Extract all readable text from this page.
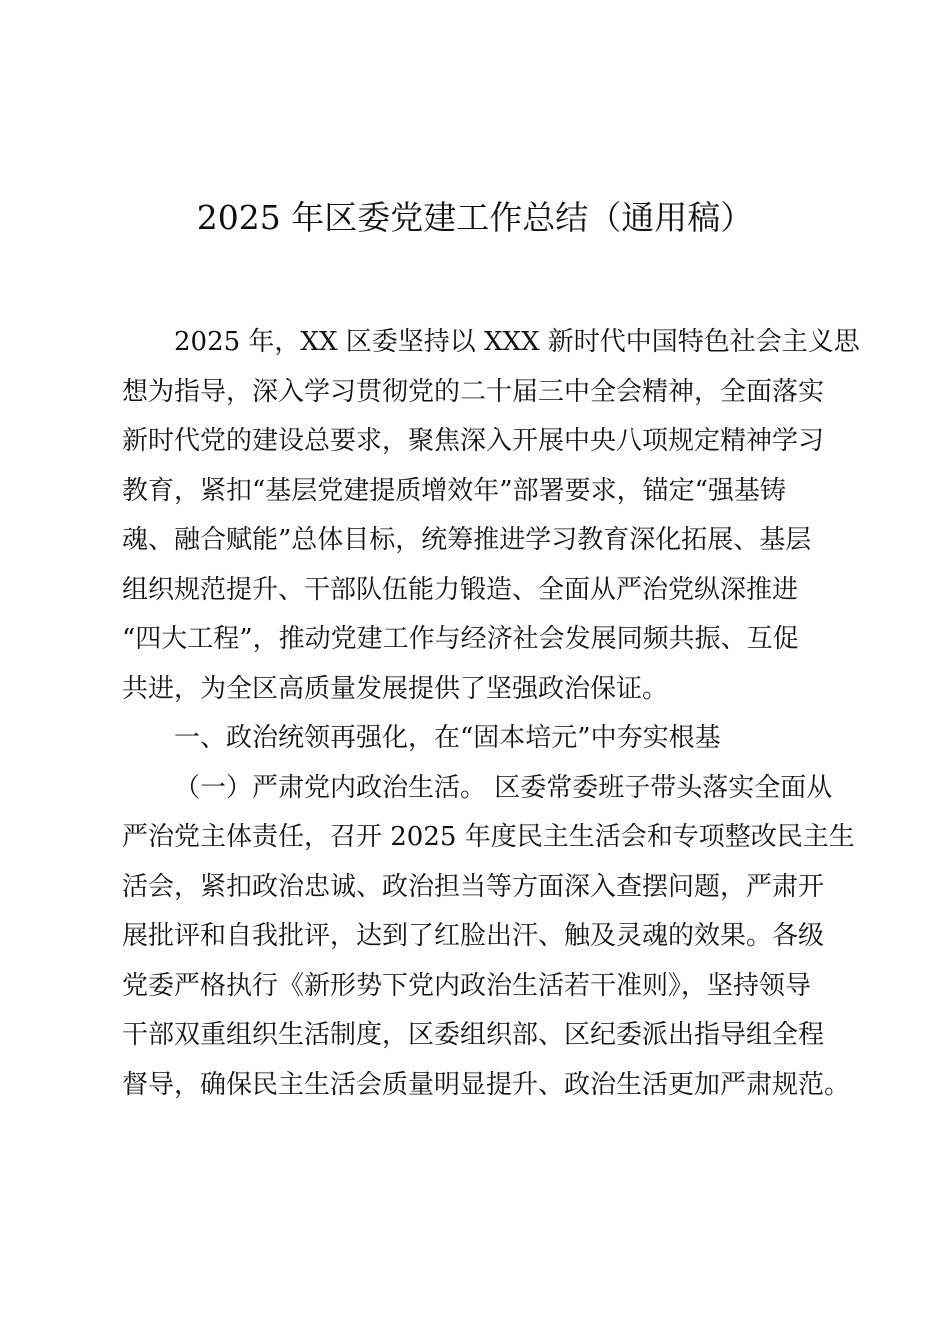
2025 年区委党建工作总结（通用稿）
2025 年，XX 区委坚持以 XXX 新时代中国特色社会主义思
想为指导，深入学习贯彻党的二十届三中全会精神，全面落实
新时代党的建设总要求，聚焦深入开展中央八项规定精神学习
教育，紧扣“基层党建提质增效年”部署要求，锚定“强基铸
魂、融合赋能”总体目标，统筹推进学习教育深化拓展、基层
组织规范提升、干部队伍能力锻造、全面从严治党纵深推进
“四大工程”，推动党建工作与经济社会发展同频共振、互促
共进，为全区高质量发展提供了坚强政治保证。
一、政治统领再强化，在“固本培元”中夯实根基
（一）严肃党内政治生活。 区委常委班子带头落实全面从
严治党主体责任，召开 2025 年度民主生活会和专项整改民主生
活会，紧扣政治忠诚、政治担当等方面深入查摆问题，严肃开
展批评和自我批评，达到了红脸出汗、触及灵魂的效果。各级
党委严格执行《新形势下党内政治生活若干准则》，坚持领导
干部双重组织生活制度，区委组织部、区纪委派出指导组全程
督导，确保民主生活会质量明显提升、政治生活更加严肃规范。
